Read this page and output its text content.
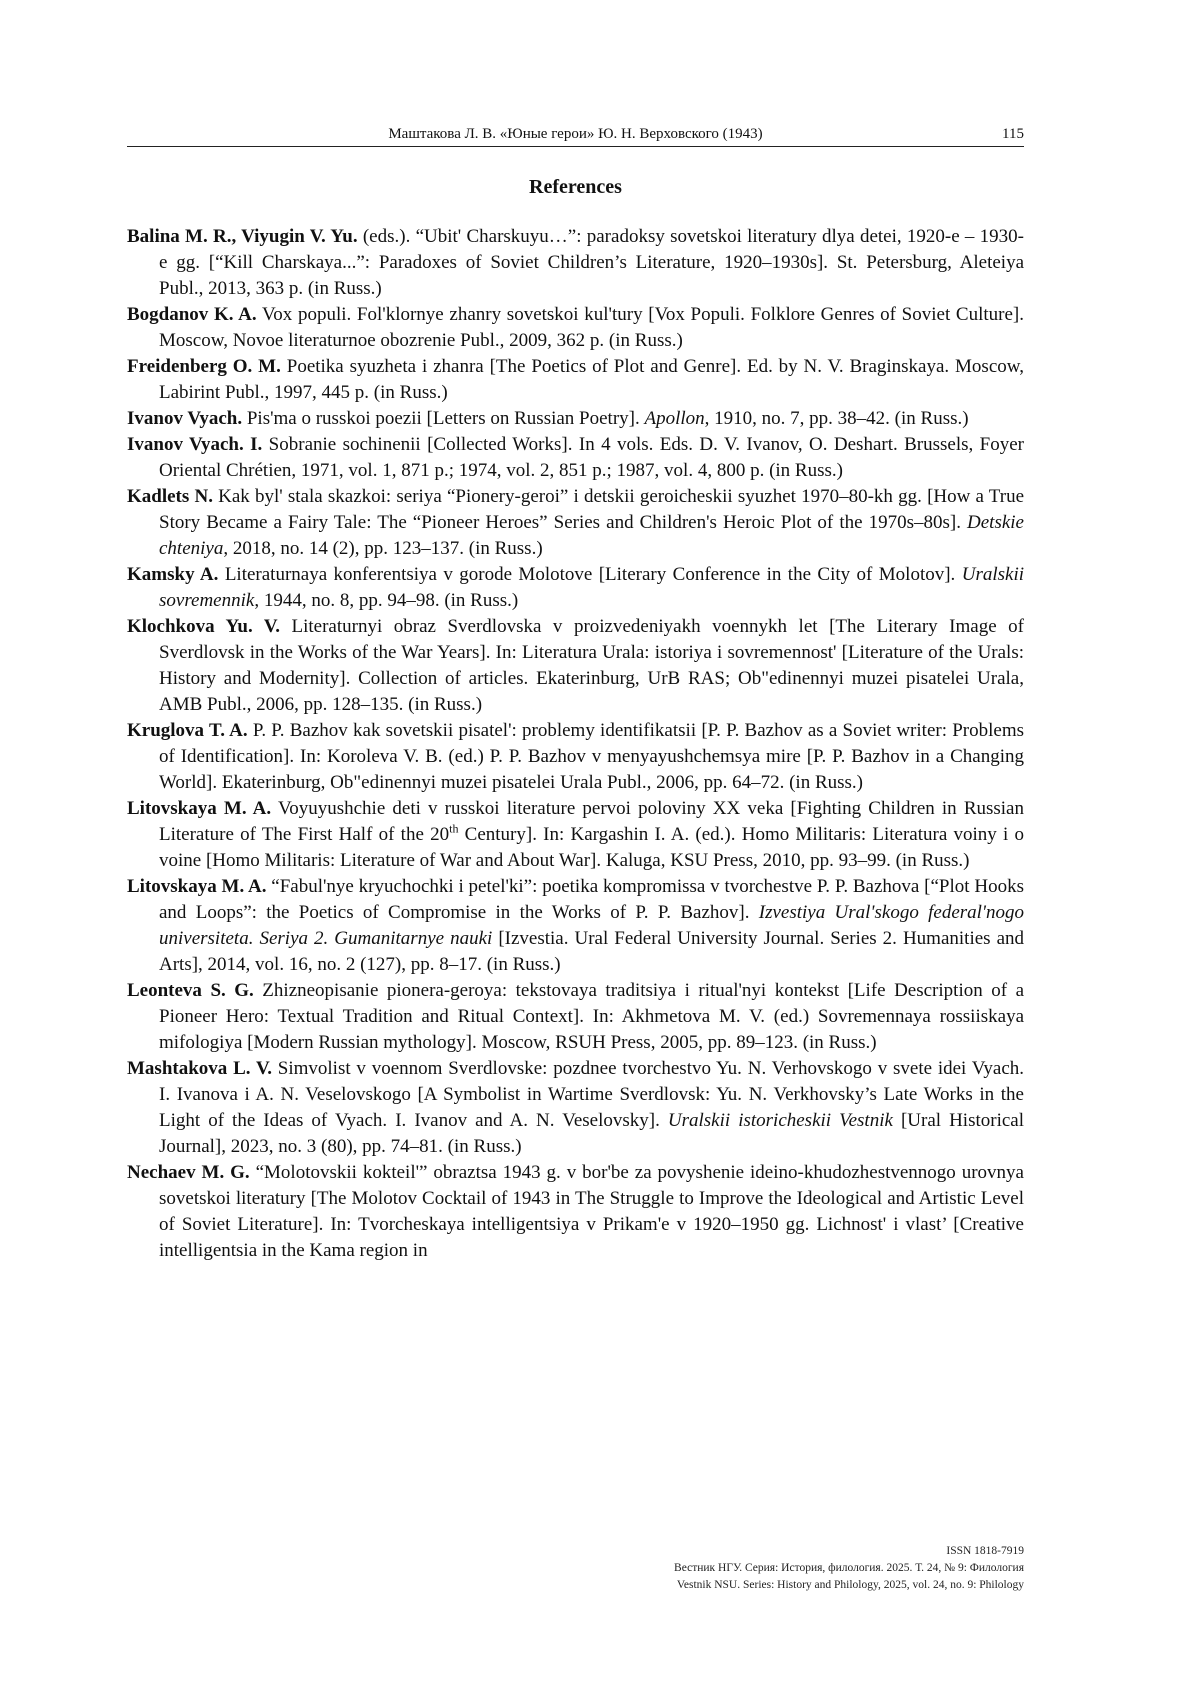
Маштакова Л. В. «Юные герои» Ю. Н. Верховского (1943)	115
References

Balina M. R., Viyugin V. Yu. (eds.). “Ubit' Charskuyu…”: paradoksy sovetskoi literatury dlya detei, 1920-e – 1930-e gg. [“Kill Charskaya...”: Paradoxes of Soviet Children’s Literature, 1920–1930s]. St. Petersburg, Aleteiya Publ., 2013, 363 p. (in Russ.)

Bogdanov K. A. Vox populi. Fol'klornye zhanry sovetskoi kul'tury [Vox Populi. Folklore Genres of Soviet Culture]. Moscow, Novoe literaturnoe obozrenie Publ., 2009, 362 p. (in Russ.)

Freidenberg O. M. Poetika syuzheta i zhanra [The Poetics of Plot and Genre]. Ed. by N. V. Braginskaya. Moscow, Labirint Publ., 1997, 445 p. (in Russ.)

Ivanov Vyach. Pis'ma o russkoi poezii [Letters on Russian Poetry]. Apollon, 1910, no. 7, pp. 38–42. (in Russ.)

Ivanov Vyach. I. Sobranie sochinenii [Collected Works]. In 4 vols. Eds. D. V. Ivanov, O. Deshart. Brussels, Foyer Oriental Chrétien, 1971, vol. 1, 871 p.; 1974, vol. 2, 851 p.; 1987, vol. 4, 800 p. (in Russ.)

Kadlets N. Kak byl' stala skazkoi: seriya “Pionery-geroi” i detskii geroicheskii syuzhet 1970–80-kh gg. [How a True Story Became a Fairy Tale: The “Pioneer Heroes” Series and Children's Heroic Plot of the 1970s–80s]. Detskie chteniya, 2018, no. 14 (2), pp. 123–137. (in Russ.)

Kamsky A. Literaturnaya konferentsiya v gorode Molotove [Literary Conference in the City of Molotov]. Uralskii sovremennik, 1944, no. 8, pp. 94–98. (in Russ.)

Klochkova Yu. V. Literaturnyi obraz Sverdlovska v proizvedeniyakh voennykh let [The Literary Image of Sverdlovsk in the Works of the War Years]. In: Literatura Urala: istoriya i sovremennost' [Literature of the Urals: History and Modernity]. Collection of articles. Ekaterinburg, UrB RAS; Ob"edinennyi muzei pisatelei Urala, AMB Publ., 2006, pp. 128–135. (in Russ.)

Kruglova T. A. P. P. Bazhov kak sovetskii pisatel': problemy identifikatsii [P. P. Bazhov as a Soviet writer: Problems of Identification]. In: Koroleva V. B. (ed.) P. P. Bazhov v menyayushchemsya mire [P. P. Bazhov in a Changing World]. Ekaterinburg, Ob"edinennyi muzei pisatelei Urala Publ., 2006, pp. 64–72. (in Russ.)

Litovskaya M. A. Voyuyushchie deti v russkoi literature pervoi poloviny XX veka [Fighting Children in Russian Literature of The First Half of the 20th Century]. In: Kargashin I. A. (ed.). Homo Militaris: Literatura voiny i o voine [Homo Militaris: Literature of War and About War]. Kaluga, KSU Press, 2010, pp. 93–99. (in Russ.)

Litovskaya M. A. “Fabul'nye kryuchochki i petel'ki”: poetika kompromissa v tvorchestve P. P. Bazhova [“Plot Hooks and Loops”: the Poetics of Compromise in the Works of P. P. Bazhov]. Izvestiya Ural'skogo federal'nogo universiteta. Seriya 2. Gumanitarnye nauki [Izvestia. Ural Federal University Journal. Series 2. Humanities and Arts], 2014, vol. 16, no. 2 (127), pp. 8–17. (in Russ.)

Leonteva S. G. Zhizneopisanie pionera-geroya: tekstovaya traditsiya i ritual'nyi kontekst [Life Description of a Pioneer Hero: Textual Tradition and Ritual Context]. In: Akhmetova M. V. (ed.) Sovremennaya rossiiskaya mifologiya [Modern Russian mythology]. Moscow, RSUH Press, 2005, pp. 89–123. (in Russ.)

Mashtakova L. V. Simvolist v voennom Sverdlovske: pozdnee tvorchestvo Yu. N. Verhovskogo v svete idei Vyach. I. Ivanova i A. N. Veselovskogo [A Symbolist in Wartime Sverdlovsk: Yu. N. Verkhovsky’s Late Works in the Light of the Ideas of Vyach. I. Ivanov and A. N. Veselovsky]. Uralskii istoricheskii Vestnik [Ural Historical Journal], 2023, no. 3 (80), pp. 74–81. (in Russ.)

Nechaev M. G. “Molotovskii kokteil'” obraztsa 1943 g. v bor'be za povyshenie ideino-khudozhestvennogo urovnya sovetskoi literatury [The Molotov Cocktail of 1943 in The Struggle to Improve the Ideological and Artistic Level of Soviet Literature]. In: Tvorcheskaya intelligentsiya v Prikam'e v 1920–1950 gg. Lichnost' i vlast’ [Creative intelligentsia in the Kama region in

ISSN 1818-7919
Вестник НГУ. Серия: История, филология. 2025. Т. 24, № 9: Филология
Vestnik NSU. Series: History and Philology, 2025, vol. 24, no. 9: Philology
